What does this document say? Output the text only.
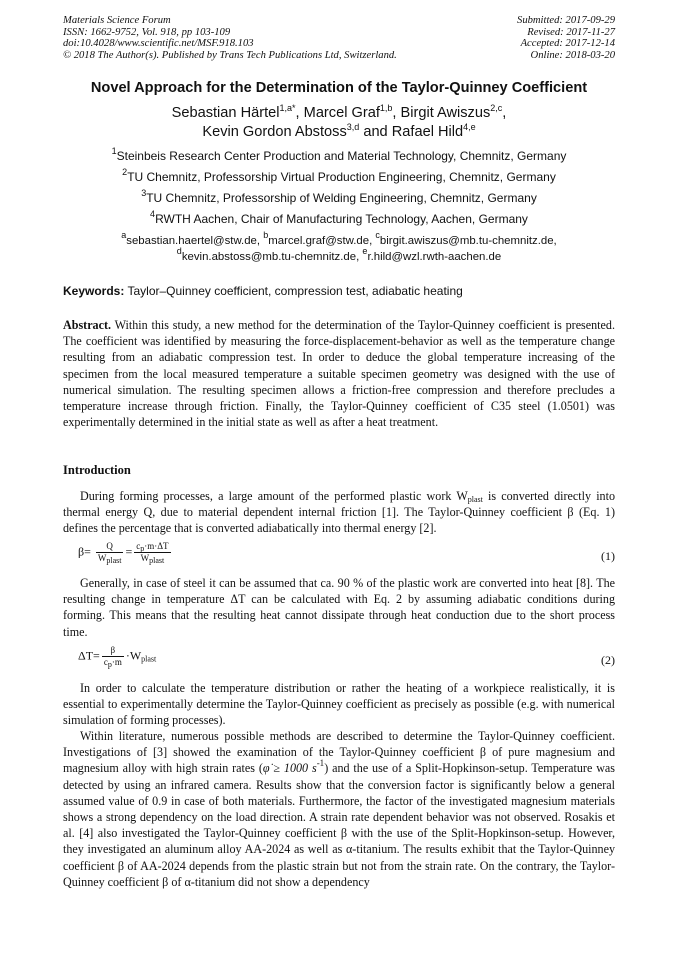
Materials Science Forum
ISSN: 1662-9752, Vol. 918, pp 103-109
doi:10.4028/www.scientific.net/MSF.918.103
© 2018 The Author(s). Published by Trans Tech Publications Ltd, Switzerland.
Submitted: 2017-09-29
Revised: 2017-11-27
Accepted: 2017-12-14
Online: 2018-03-20
Novel Approach for the Determination of the Taylor-Quinney Coefficient
Sebastian Härtel$^{1,a*}$, Marcel Graf$^{1,b}$, Birgit Awiszus$^{2,c}$,
Kevin Gordon Abstoss$^{3,d}$ and Rafael Hild$^{4,e}$
$^1$Steinbeis Research Center Production and Material Technology, Chemnitz, Germany
$^2$TU Chemnitz, Professorship Virtual Production Engineering, Chemnitz, Germany
$^3$TU Chemnitz, Professorship of Welding Engineering, Chemnitz, Germany
$^4$RWTH Aachen, Chair of Manufacturing Technology, Aachen, Germany
$^a$sebastian.haertel@stw.de, $^b$marcel.graf@stw.de, $^c$birgit.awiszus@mb.tu-chemnitz.de,
$^d$kevin.abstoss@mb.tu-chemnitz.de, $^e$r.hild@wzl.rwth-aachen.de
Keywords: Taylor–Quinney coefficient, compression test, adiabatic heating
Abstract. Within this study, a new method for the determination of the Taylor-Quinney coefficient is presented. The coefficient was identified by measuring the force-displacement-behavior as well as the temperature change resulting from an adiabatic compression test. In order to deduce the global temperature increasing of the specimen from the local measured temperature a suitable specimen geometry was designed with the use of numerical simulation. The resulting specimen allows a friction-free compression and therefore precludes a temperature increase through friction. Finally, the Taylor-Quinney coefficient of C35 steel (1.0501) was experimentally determined in the initial state as well as after a heat treatment.
Introduction
During forming processes, a large amount of the performed plastic work $W_{plast}$ is converted directly into thermal energy Q, due to material dependent internal friction [1]. The Taylor-Quinney coefficient β (Eq. 1) defines the percentage that is converted adiabatically into thermal energy [2].
$\beta= \frac{Q}{W_{plast}} = \frac{c_p\cdot m\cdot\Delta T}{W_{plast}}$	(1)
Generally, in case of steel it can be assumed that ca. 90 % of the plastic work are converted into heat [8]. The resulting change in temperature ΔT can be calculated with Eq. 2 by assuming adiabatic conditions during forming. This means that the resulting heat cannot dissipate through heat conduction due to the short process time.
$\Delta T= \frac{\beta}{c_p\cdot m} \cdot W_{plast}$	(2)
In order to calculate the temperature distribution or rather the heating of a workpiece realistically, it is essential to experimentally determine the Taylor-Quinney coefficient as precisely as possible (e.g. with numerical simulation of forming processes).
Within literature, numerous possible methods are described to determine the Taylor-Quinney coefficient. Investigations of [3] showed the examination of the Taylor-Quinney coefficient β of pure magnesium and magnesium alloy with high strain rates (φ̇ ≥ 1000 $s^{-1}$) and the use of a Split-Hopkinson-setup. Temperature was detected by using an infrared camera. Results show that the conversion factor is significantly below a general assumed value of 0.9 in case of both materials. Furthermore, the factor of the investigated magnesium materials shows a strong dependency on the load direction. A strain rate dependent behavior was not observed. Rosakis et al. [4] also investigated the Taylor-Quinney coefficient β with the use of the Split-Hopkinson-setup. However, they investigated an aluminum alloy AA-2024 as well as α-titanium. The results exhibit that the Taylor-Quinney coefficient β of AA-2024 depends from the plastic strain but not from the strain rate. On the contrary, the Taylor-Quinney coefficient β of α-titanium did not show a dependency
